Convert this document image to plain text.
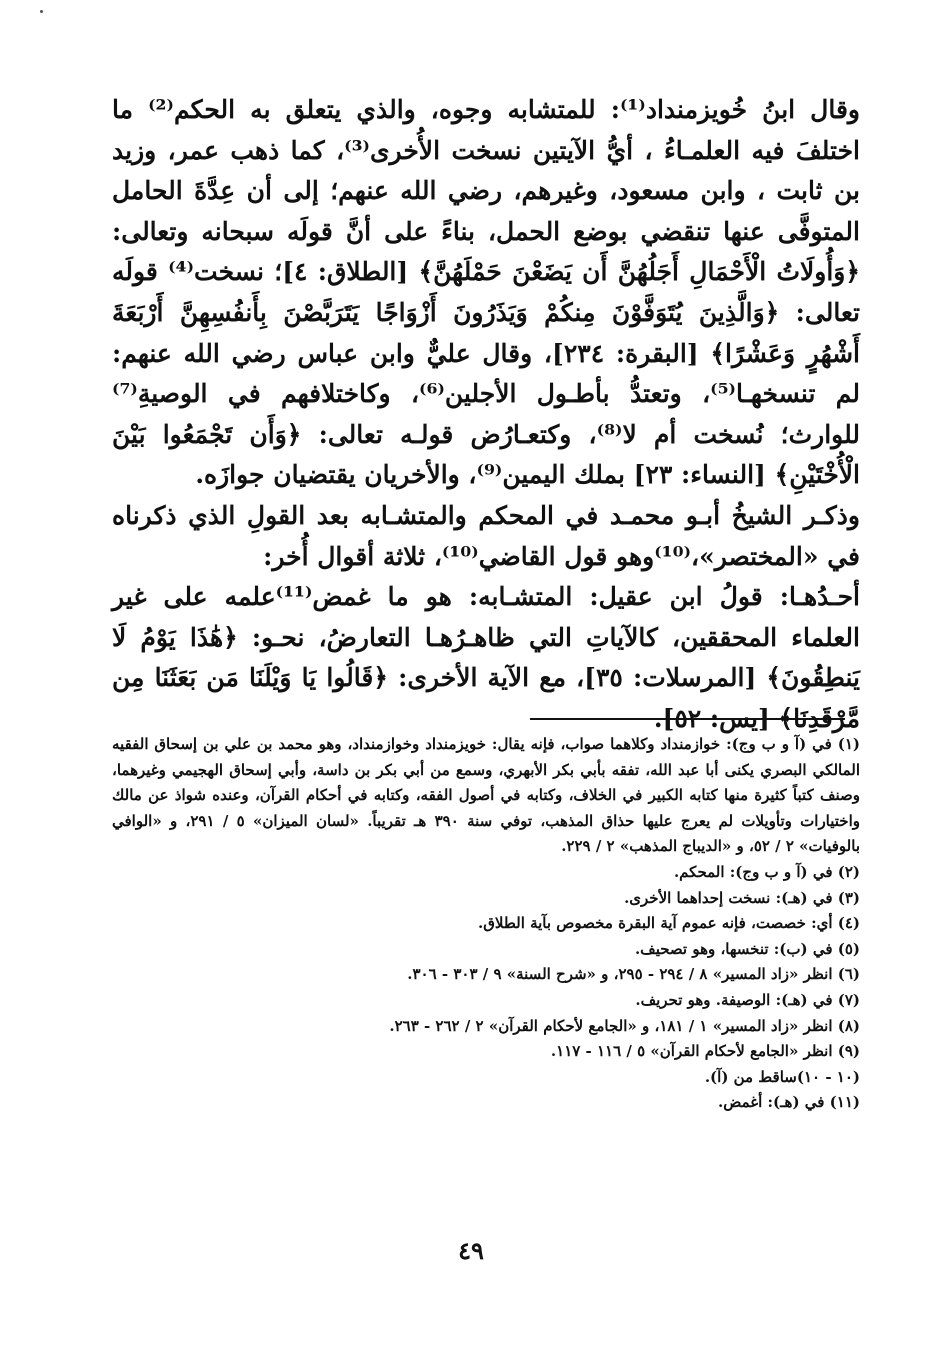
وقال ابنُ خُويزمنداد⁽¹⁾: للمتشابه وجوه، والذي يتعلق به الحكم⁽²⁾ ما اختلفَ فيه العلمـاءُ ، أيُّ الآيتين نسخت الأُخرى⁽³⁾، كما ذهب عمر، وزيد بن ثابت ، وابن مسعود، وغيرهم، رضي الله عنهم؛ إلى أن عِدَّةَ الحامل المتوفَّى عنها تنقضي بوضع الحمل، بناءً على أنَّ قولَه سبحانه وتعالى: ﴿وَأُولَاتُ الْأَحْمَالِ أَجَلُهُنَّ أَن يَضَعْنَ حَمْلَهُنَّ﴾ [الطلاق: ٤]؛ نسخت⁽⁴⁾ قولَه تعالى: ﴿وَالَّذِينَ يُتَوَفَّوْنَ مِنكُمْ وَيَذَرُونَ أَزْوَاجًا يَتَرَبَّصْنَ بِأَنفُسِهِنَّ أَرْبَعَةَ أَشْهُرٍ وَعَشْرًا﴾ [البقرة: ٢٣٤]، وقال عليٌّ وابن عباس رضي الله عنهم: لم تنسخهـا⁽⁵⁾، وتعتدُّ بأطـول الأجلين⁽⁶⁾، وكاختلافهم في الوصيةِ⁽⁷⁾ للوارث؛ نُسخت أم لا⁽⁸⁾، وكتعـارُض قولـه تعالى: ﴿وَأَن تَجْمَعُوا بَيْنَ الْأُخْتَيْنِ﴾ [النساء: ٢٣] بملك اليمين⁽⁹⁾، والأخريان يقتضيان جوازَه.

وذكـر الشيخُ أبـو محمـد في المحكم والمتشـابه بعد القولِ الذي ذكرناه في «المختصر»،⁽¹⁰⁾وهو قول القاضي⁽¹⁰⁾، ثلاثة أقوال أُخر:

أحـدُهـا: قولُ ابن عقيل: المتشـابه: هو ما غمض⁽¹¹⁾علمه على غير العلماء المحققين، كالآياتِ التي ظاهـرُهـا التعارضُ، نحـو: ﴿هَٰذَا يَوْمُ لَا يَنطِقُونَ﴾ [المرسلات: ٣٥]، مع الآية الأخرى: ﴿قَالُوا يَا وَيْلَنَا مَن بَعَثَنَا مِن مَّرْقَدِنَا﴾ [يس: ٥٢].

(١) في (آ و ب وج): خوازمنداد وكلاهما صواب، فإنه يقال: خويزمنداد وخوازمنداد، وهو محمد بن علي بن إسحاق الفقيه المالكي البصري يكنى أبا عبد الله، تفقه بأبي بكر الأبهري، وسمع من أبي بكر بن داسة، وأبي إسحاق الهجيمي وغيرهما، وصنف كتباً كثيرة منها كتابه الكبير في الخلاف، وكتابه في أصول الفقه، وكتابه في أحكام القرآن، وعنده شواذ عن مالك واختيارات وتأويلات لم يعرج عليها حذاق المذهب، توفي سنة ٣٩٠ هـ تقريباً. «لسان الميزان» ٥ / ٢٩١، و «الوافي بالوفيات» ٢ / ٥٢، و «الديباج المذهب» ٢ / ٢٢٩.

(٢) في (آ و ب وج): المحكم.

(٣) في (هـ): نسخت إحداهما الأخرى.

(٤) أي: خصصت، فإنه عموم آية البقرة مخصوص بآية الطلاق.

(٥) في (ب): تنخسها، وهو تصحيف.

(٦) انظر «زاد المسير» ٨ / ٢٩٤ - ٢٩٥، و «شرح السنة» ٩ / ٣٠٣ - ٣٠٦.

(٧) في (هـ): الوصيفة. وهو تحريف.

(٨) انظر «زاد المسير» ١ / ١٨١، و «الجامع لأحكام القرآن» ٢ / ٢٦٢ - ٢٦٣.

(٩) انظر «الجامع لأحكام القرآن» ٥ / ١١٦ - ١١٧.

(١٠ - ١٠)ساقط من (آ).

(١١) في (هـ): أغمض.

٤٩
